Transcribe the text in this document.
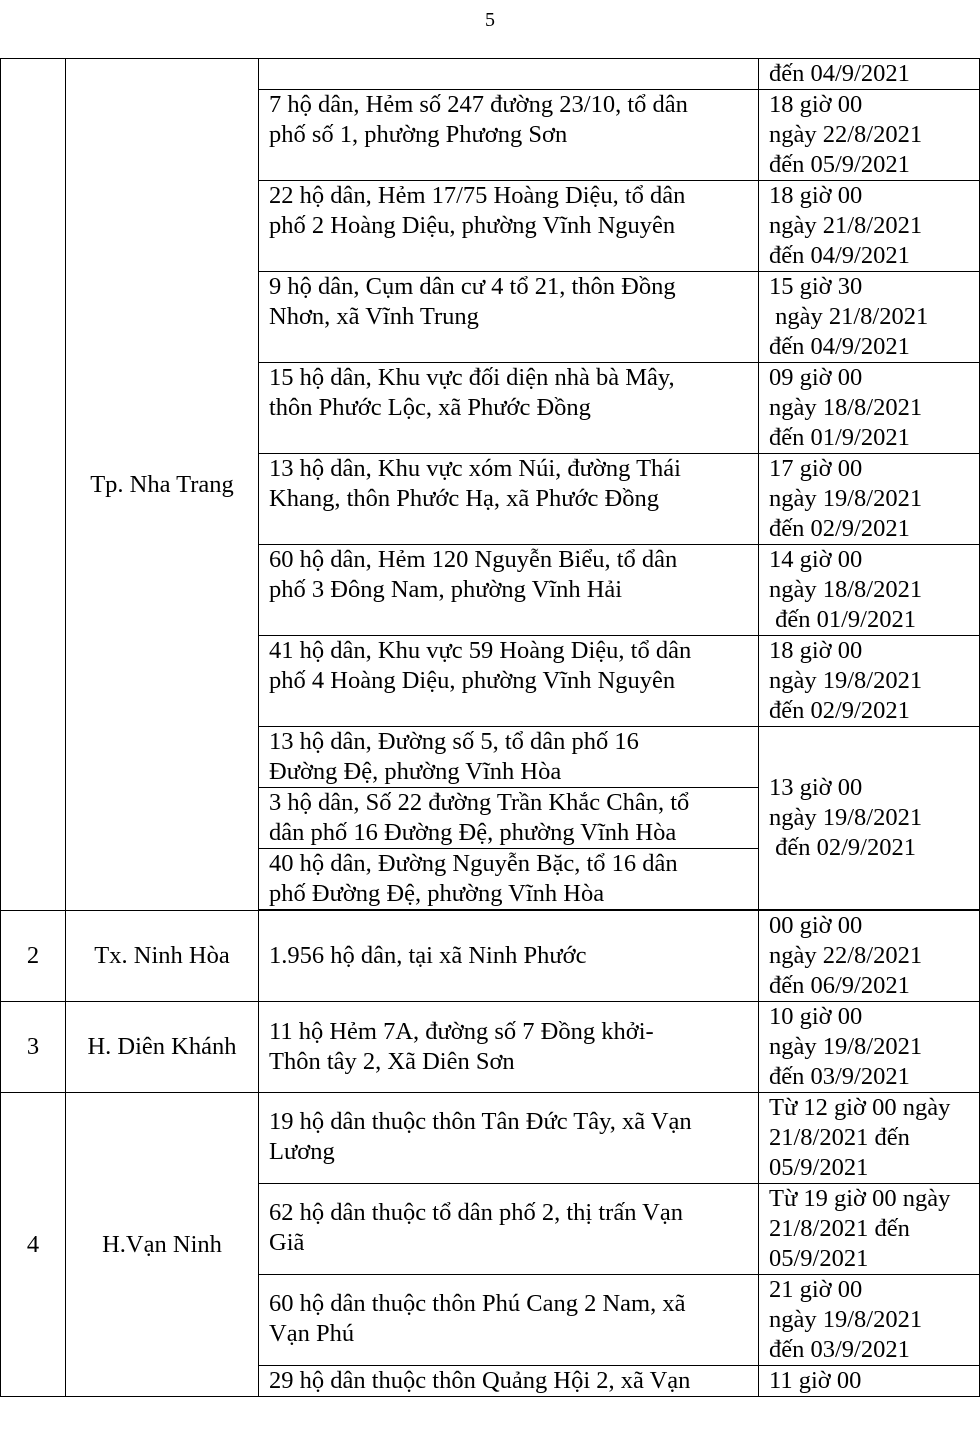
5

	Tp. Nha Trang		đến 04/9/2021

		7 hộ dân, Hẻm số 247 đường 23/10, tổ dân
phố số 1, phường Phương Sơn	18 giờ 00
ngày 22/8/2021
đến 05/9/2021

		22 hộ dân, Hẻm 17/75 Hoàng Diệu, tổ dân
phố 2 Hoàng Diệu, phường Vĩnh Nguyên	18 giờ 00
ngày 21/8/2021
đến 04/9/2021

		9 hộ dân, Cụm dân cư 4 tổ 21, thôn Đồng
Nhơn, xã Vĩnh Trung	15 giờ 30
ngày 21/8/2021
đến 04/9/2021

		15 hộ dân, Khu vực đối diện nhà bà Mây,
thôn Phước Lộc, xã Phước Đồng	09 giờ 00
ngày 18/8/2021
đến 01/9/2021

		13 hộ dân, Khu vực xóm Núi, đường Thái
Khang, thôn Phước Hạ, xã Phước Đồng	17 giờ 00
ngày 19/8/2021
đến 02/9/2021

		60 hộ dân, Hẻm 120 Nguyễn Biểu, tổ dân
phố 3 Đông Nam, phường Vĩnh Hải	14 giờ 00
ngày 18/8/2021
đến 01/9/2021

		41 hộ dân, Khu vực 59 Hoàng Diệu, tổ dân
phố 4 Hoàng Diệu, phường Vĩnh Nguyên	18 giờ 00
ngày 19/8/2021
đến 02/9/2021

		13 hộ dân, Đường số 5, tổ dân phố 16
Đường Đệ, phường Vĩnh Hòa	13 giờ 00
ngày 19/8/2021
đến 02/9/2021

		3 hộ dân, Số 22 đường Trần Khắc Chân, tổ
dân phố 16 Đường Đệ, phường Vĩnh Hòa	

		40 hộ dân, Đường Nguyễn Bặc, tổ 16 dân
phố Đường Đệ, phường Vĩnh Hòa	

2	Tx. Ninh Hòa	1.956 hộ dân, tại xã Ninh Phước	00 giờ 00
ngày 22/8/2021
đến 06/9/2021

3	H. Diên Khánh	11 hộ Hẻm 7A, đường số 7 Đồng khởi-
Thôn tây 2, Xã Diên Sơn	10 giờ 00
ngày 19/8/2021
đến 03/9/2021

4	H.Vạn Ninh	19 hộ dân thuộc thôn Tân Đức Tây, xã Vạn
Lương	Từ 12 giờ 00 ngày
21/8/2021 đến
05/9/2021

		62 hộ dân thuộc tổ dân phố 2, thị trấn Vạn
Giã	Từ 19 giờ 00 ngày
21/8/2021 đến
05/9/2021

		60 hộ dân thuộc thôn Phú Cang 2 Nam, xã
Vạn Phú	21 giờ 00
ngày 19/8/2021
đến 03/9/2021

		29 hộ dân thuộc thôn Quảng Hội 2, xã Vạn	11 giờ 00
